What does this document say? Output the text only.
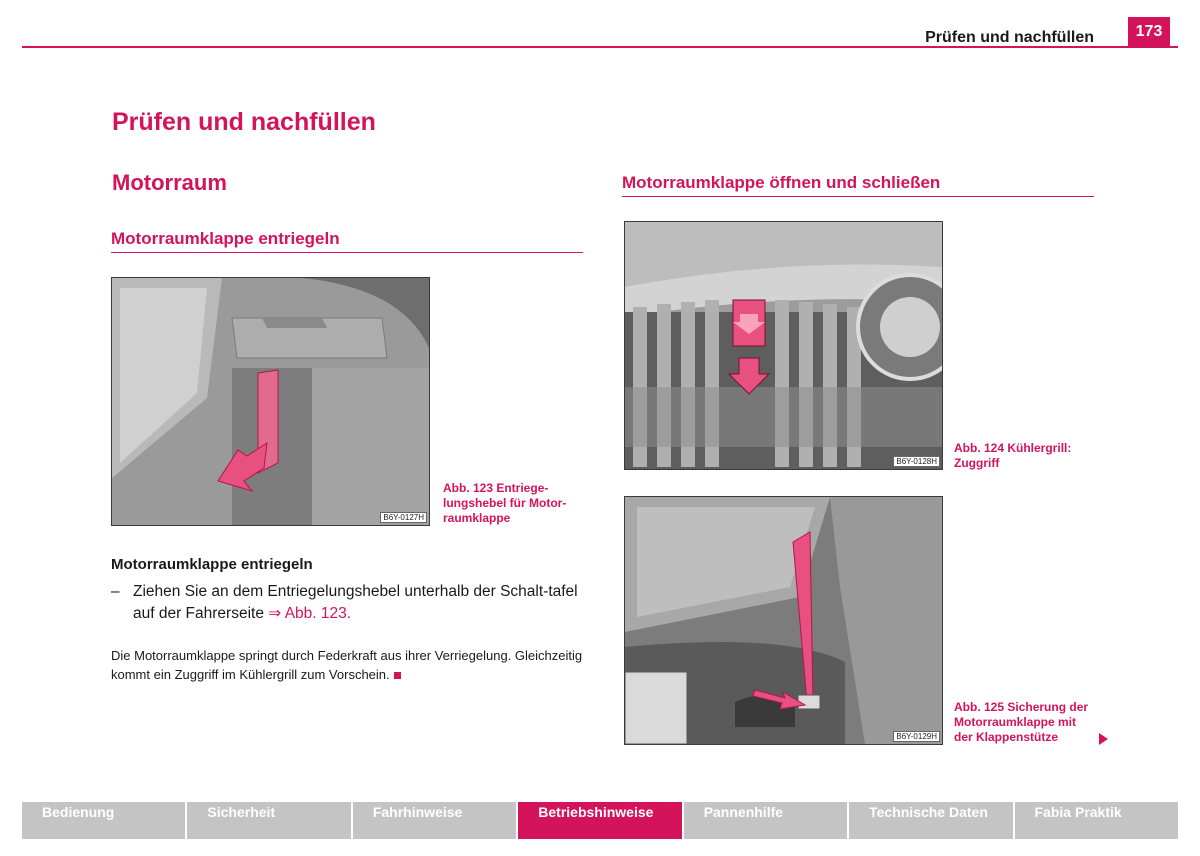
Prüfen und nachfüllen	173
Prüfen und nachfüllen
Motorraum
Motorraumklappe entriegeln
Motorraumklappe öffnen und schließen
B6Y-0127H
Abb. 123 Entriege-lungshebel für Motor-raumklappe
Motorraumklappe entriegeln
– Ziehen Sie an dem Entriegelungshebel unterhalb der Schalt-tafel auf der Fahrerseite ⇒ Abb. 123.
Die Motorraumklappe springt durch Federkraft aus ihrer Verriegelung. Gleichzeitig kommt ein Zuggriff im Kühlergrill zum Vorschein.
B6Y-0128H
Abb. 124 Kühlergrill: Zuggriff
B6Y-0129H
Abb. 125 Sicherung der Motorraumklappe mit der Klappenstütze
Bedienung	Sicherheit	Fahrhinweise	Betriebshinweise	Pannenhilfe	Technische Daten	Fabia Praktik
